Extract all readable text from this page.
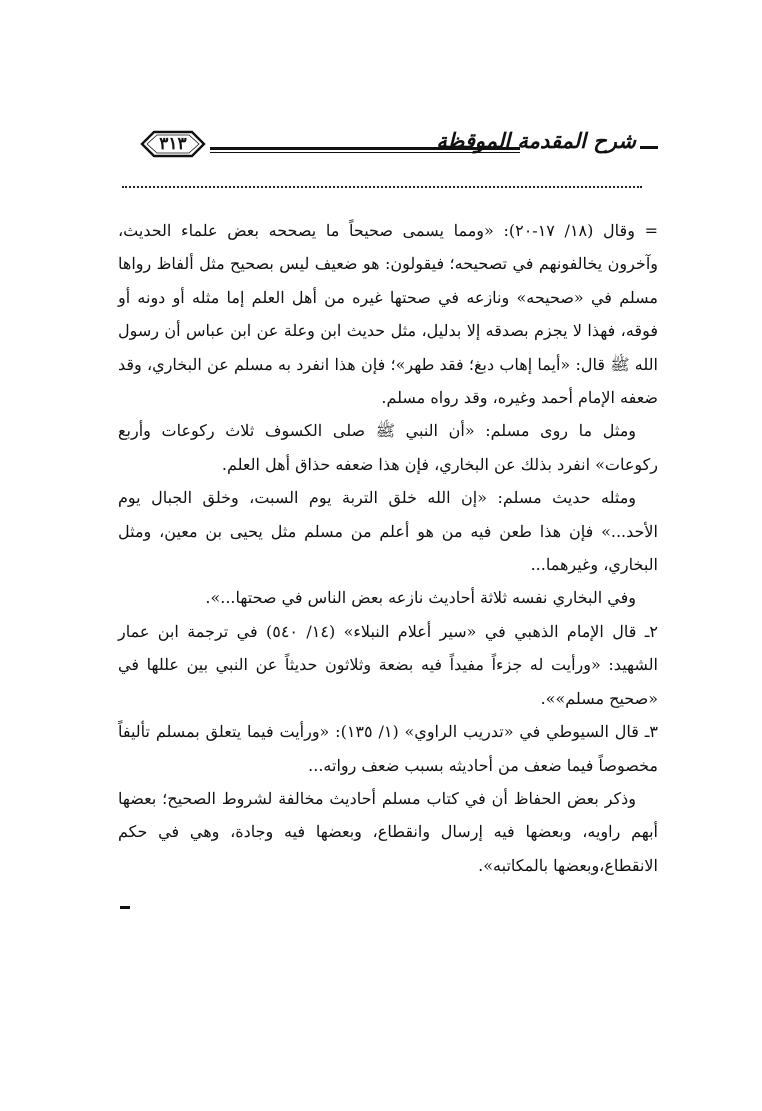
٣١٣	شرح المقدمة الموقظة

= وقال (١٨/ ١٧-٢٠): «ومما يسمى صحيحاً ما يصححه بعض علماء الحديث، وآخرون يخالفونهم في تصحيحه؛ فيقولون: هو ضعيف ليس بصحيح مثل ألفاظ رواها مسلم في «صحيحه» ونازعه في صحتها غيره من أهل العلم إما مثله أو دونه أو فوقه، فهذا لا يجزم بصدقه إلا بدليل، مثل حديث ابن وعلة عن ابن عباس أن رسول الله ﷺ قال: «أيما إهاب دبغ؛ فقد طهر»؛ فإن هذا انفرد به مسلم عن البخاري، وقد ضعفه الإمام أحمد وغيره، وقد رواه مسلم.

ومثل ما روى مسلم: «أن النبي ﷺ صلى الكسوف ثلاث ركوعات وأربع ركوعات» انفرد بذلك عن البخاري، فإن هذا ضعفه حذاق أهل العلم.

ومثله حديث مسلم: «إن الله خلق التربة يوم السبت، وخلق الجبال يوم الأحد...» فإن هذا طعن فيه من هو أعلم من مسلم مثل يحيى بن معين، ومثل البخاري، وغيرهما...

وفي البخاري نفسه ثلاثة أحاديث نازعه بعض الناس في صحتها...».

٢ـ قال الإمام الذهبي في «سير أعلام النبلاء» (١٤/ ٥٤٠) في ترجمة ابن عمار الشهيد: «ورأيت له جزءاً مفيداً فيه بضعة وثلاثون حديثاً عن النبي بين عللها في «صحيح مسلم»».

٣ـ قال السيوطي في «تدريب الراوي» (١/ ١٣٥): «ورأيت فيما يتعلق بمسلم تأليفاً مخصوصاً فيما ضعف من أحاديثه بسبب ضعف رواته...

وذكر بعض الحفاظ أن في كتاب مسلم أحاديث مخالفة لشروط الصحيح؛ بعضها أبهم راويه، وبعضها فيه إرسال وانقطاع، وبعضها فيه وجادة، وهي في حكم الانقطاع،وبعضها بالمكاتبه».
